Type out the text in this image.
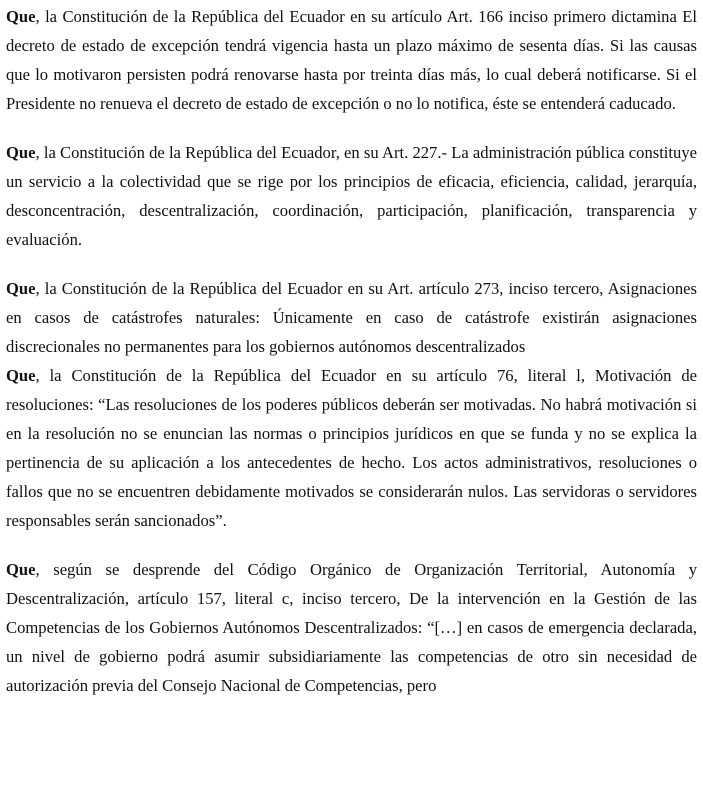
Que, la Constitución de la República del Ecuador en su artículo Art. 166 inciso primero dictamina El decreto de estado de excepción tendrá vigencia hasta un plazo máximo de sesenta días. Si las causas que lo motivaron persisten podrá renovarse hasta por treinta días más, lo cual deberá notificarse. Si el Presidente no renueva el decreto de estado de excepción o no lo notifica, éste se entenderá caducado.

Que, la Constitución de la República del Ecuador, en su Art. 227.- La administración pública constituye un servicio a la colectividad que se rige por los principios de eficacia, eficiencia, calidad, jerarquía, desconcentración, descentralización, coordinación, participación, planificación, transparencia y evaluación.

Que, la Constitución de la República del Ecuador en su Art. artículo 273, inciso tercero, Asignaciones en casos de catástrofes naturales: Únicamente en caso de catástrofe existirán asignaciones discrecionales no permanentes para los gobiernos autónomos descentralizados

Que, la Constitución de la República del Ecuador en su artículo 76, literal l, Motivación de resoluciones: “Las resoluciones de los poderes públicos deberán ser motivadas. No habrá motivación si en la resolución no se enuncian las normas o principios jurídicos en que se funda y no se explica la pertinencia de su aplicación a los antecedentes de hecho. Los actos administrativos, resoluciones o fallos que no se encuentren debidamente motivados se considerarán nulos. Las servidoras o servidores responsables serán sancionados”.

Que, según se desprende del Código Orgánico de Organización Territorial, Autonomía y Descentralización, artículo 157, literal c, inciso tercero, De la intervención en la Gestión de las Competencias de los Gobiernos Autónomos Descentralizados: “[…] en casos de emergencia declarada, un nivel de gobierno podrá asumir subsidiariamente las competencias de otro sin necesidad de autorización previa del Consejo Nacional de Competencias, pero
